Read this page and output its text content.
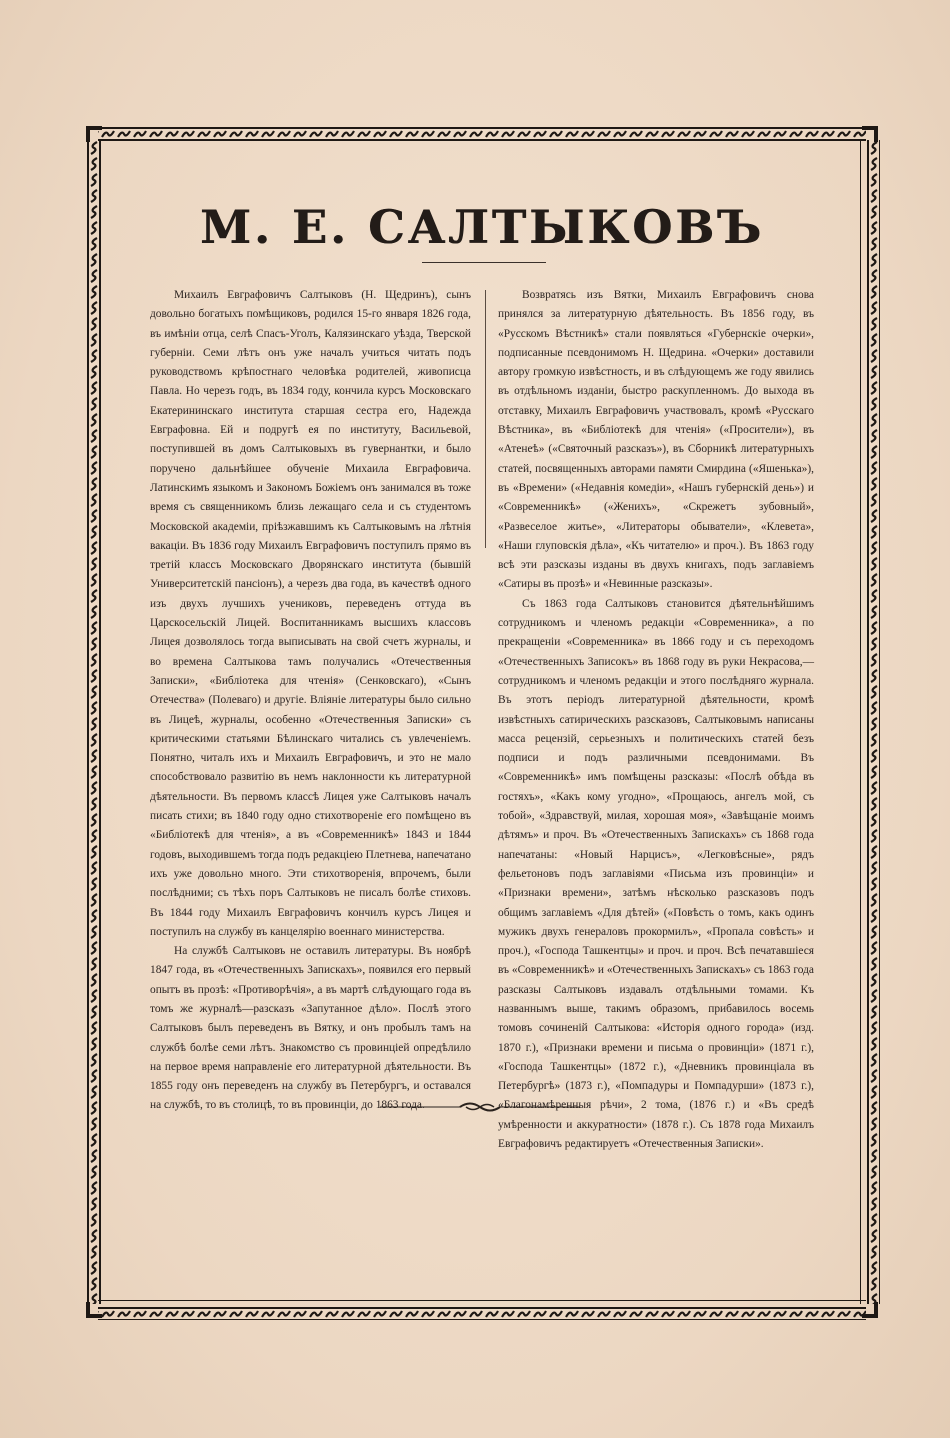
М. Е. САЛТЫКОВЪ

Михаилъ Евграфовичъ Салтыковъ (Н. Щедринъ), сынъ довольно богатыхъ помѣщиковъ, родился 15-го января 1826 года, въ имѣніи отца, селѣ Спасъ-Уголъ, Калязинскаго уѣзда, Тверской губерніи. Семи лѣтъ онъ уже началъ учиться читать подъ руководствомъ крѣпостнаго человѣка родителей, живописца Павла. Но черезъ годъ, въ 1834 году, кончила курсъ Московскаго Екатерининскаго института старшая сестра его, Надежда Евграфовна. Ей и подругѣ ея по институту, Васильевой, поступившей въ домъ Салтыковыхъ въ гувернантки, и было поручено дальнѣйшее обученіе Михаила Евграфовича. Латинскимъ языкомъ и Закономъ Божіемъ онъ занимался въ тоже время съ священникомъ близь лежащаго села и съ студентомъ Московской академіи, пріѣзжавшимъ къ Салтыковымъ на лѣтнія вакаціи. Въ 1836 году Михаилъ Евграфовичъ поступилъ прямо въ третій классъ Московскаго Дворянскаго института (бывшій Университетскій пансіонъ), а черезъ два года, въ качествѣ одного изъ двухъ лучшихъ учениковъ, переведенъ оттуда въ Царскосельскій Лицей. Воспитанникамъ высшихъ классовъ Лицея дозволялось тогда выписывать на свой счетъ журналы, и во времена Салтыкова тамъ получались «Отечественныя Записки», «Библіотека для чтенія» (Сенковскаго), «Сынъ Отечества» (Полеваго) и другіе. Вліяніе литературы было сильно въ Лицеѣ, журналы, особенно «Отечественныя Записки» съ критическими статьями Бѣлинскаго читались съ увлеченіемъ. Понятно, читалъ ихъ и Михаилъ Евграфовичъ, и это не мало способствовало развитію въ немъ наклонности къ литературной дѣятельности. Въ первомъ классѣ Лицея уже Салтыковъ началъ писать стихи; въ 1840 году одно стихотвореніе его помѣщено въ «Библіотекѣ для чтенія», а въ «Современникѣ» 1843 и 1844 годовъ, выходившемъ тогда подъ редакціею Плетнева, напечатано ихъ уже довольно много. Эти стихотворенія, впрочемъ, были послѣдними; съ тѣхъ поръ Салтыковъ не писалъ болѣе стиховъ. Въ 1844 году Михаилъ Евграфовичъ кончилъ курсъ Лицея и поступилъ на службу въ канцелярію военнаго министерства.

На службѣ Салтыковъ не оставилъ литературы. Въ ноябрѣ 1847 года, въ «Отечественныхъ Запискахъ», появился его первый опытъ въ прозѣ: «Противорѣчія», а въ мартѣ слѣдующаго года въ томъ же журналѣ—разсказъ «Запутанное дѣло». Послѣ этого Салтыковъ былъ переведенъ въ Вятку, и онъ пробылъ тамъ на службѣ болѣе семи лѣтъ. Знакомство съ провинціей опредѣлило на первое время направленіе его литературной дѣятельности. Въ 1855 году онъ переведенъ на службу въ Петербургъ, и оставался на службѣ, то въ столицѣ, то въ провинціи, до 1863 года.

Возвратясь изъ Вятки, Михаилъ Евграфовичъ снова принялся за литературную дѣятельность. Въ 1856 году, въ «Русскомъ Вѣстникѣ» стали появляться «Губернскіе очерки», подписанные псевдонимомъ Н. Щедрина. «Очерки» доставили автору громкую извѣстность, и въ слѣдующемъ же году явились въ отдѣльномъ изданіи, быстро раскупленномъ. До выхода въ отставку, Михаилъ Евграфовичъ участвовалъ, кромѣ «Русскаго Вѣстника», въ «Библіотекѣ для чтенія» («Просители»), въ «Атенеѣ» («Святочный разсказъ»), въ Сборникѣ литературныхъ статей, посвященныхъ авторами памяти Смирдина («Яшенька»), въ «Времени» («Недавнія комедіи», «Нашъ губернскій день») и «Современникѣ» («Женихъ», «Скрежетъ зубовный», «Развеселое житье», «Литераторы обыватели», «Клевета», «Наши глуповскія дѣла», «Къ читателю» и проч.). Въ 1863 году всѣ эти разсказы изданы въ двухъ книгахъ, подъ заглавіемъ «Сатиры въ прозѣ» и «Невинные разсказы».

Съ 1863 года Салтыковъ становится дѣятельнѣйшимъ сотрудникомъ и членомъ редакціи «Современника», а по прекращеніи «Современника» въ 1866 году и съ переходомъ «Отечественныхъ Записокъ» въ 1868 году въ руки Некрасова,—сотрудникомъ и членомъ редакціи и этого послѣдняго журнала. Въ этотъ періодъ литературной дѣятельности, кромѣ извѣстныхъ сатирическихъ разсказовъ, Салтыковымъ написаны масса рецензій, серьезныхъ и политическихъ статей безъ подписи и подъ различными псевдонимами. Въ «Современникѣ» имъ помѣщены разсказы: «Послѣ обѣда въ гостяхъ», «Какъ кому угодно», «Прощаюсь, ангелъ мой, съ тобой», «Здравствуй, милая, хорошая моя», «Завѣщаніе моимъ дѣтямъ» и проч. Въ «Отечественныхъ Запискахъ» съ 1868 года напечатаны: «Новый Нарцисъ», «Легковѣсные», рядъ фельетоновъ подъ заглавіями «Письма изъ провинціи» и «Признаки времени», затѣмъ нѣсколько разсказовъ подъ общимъ заглавіемъ «Для дѣтей» («Повѣсть о томъ, какъ одинъ мужикъ двухъ генераловъ прокормилъ», «Пропала совѣсть» и проч.), «Господа Ташкентцы» и проч. и проч. Всѣ печатавшіеся въ «Современникѣ» и «Отечественныхъ Запискахъ» съ 1863 года разсказы Салтыковъ издавалъ отдѣльными томами. Къ названнымъ выше, такимъ образомъ, прибавилось восемь томовъ сочиненій Салтыкова: «Исторія одного города» (изд. 1870 г.), «Признаки времени и письма о провинціи» (1871 г.), «Господа Ташкентцы» (1872 г.), «Дневникъ провинціала въ Петербургѣ» (1873 г.), «Помпадуры и Помпадурши» (1873 г.), «Благонамѣренныя рѣчи», 2 тома, (1876 г.) и «Въ средѣ умѣренности и аккуратности» (1878 г.). Съ 1878 года Михаилъ Евграфовичъ редактируетъ «Отечественныя Записки».
